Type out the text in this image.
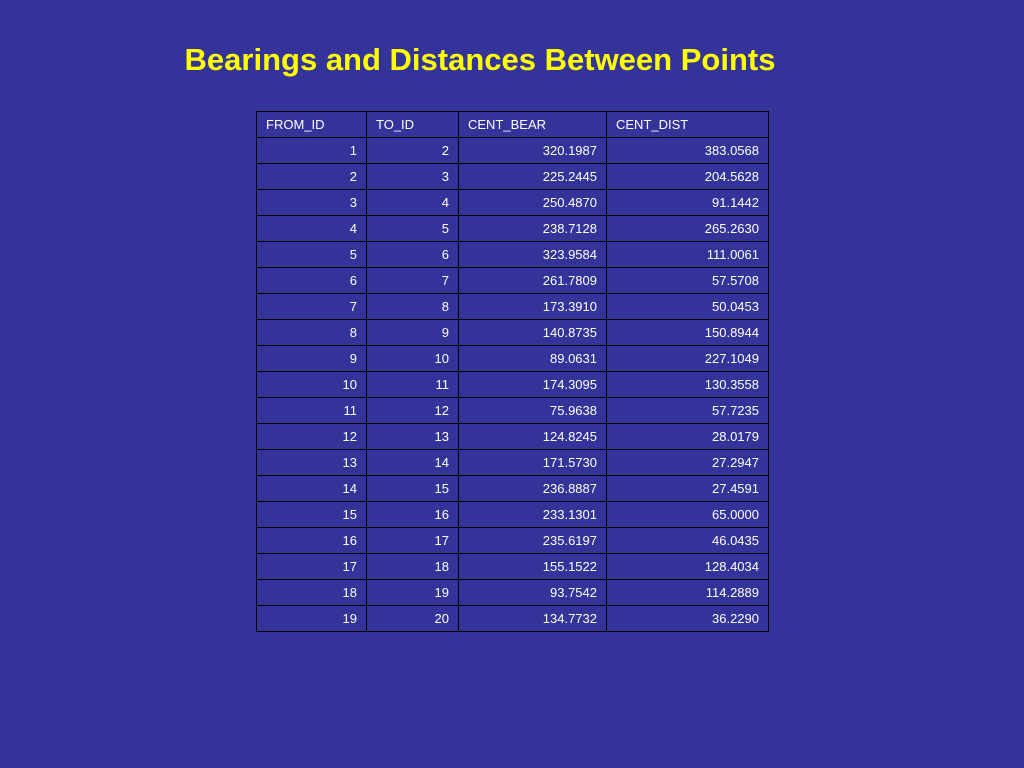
Bearings and Distances Between Points
FROM_ID	TO_ID	CENT_BEAR	CENT_DIST
1	2	320.1987	383.0568
2	3	225.2445	204.5628
3	4	250.4870	91.1442
4	5	238.7128	265.2630
5	6	323.9584	111.0061
6	7	261.7809	57.5708
7	8	173.3910	50.0453
8	9	140.8735	150.8944
9	10	89.0631	227.1049
10	11	174.3095	130.3558
11	12	75.9638	57.7235
12	13	124.8245	28.0179
13	14	171.5730	27.2947
14	15	236.8887	27.4591
15	16	233.1301	65.0000
16	17	235.6197	46.0435
17	18	155.1522	128.4034
18	19	93.7542	114.2889
19	20	134.7732	36.2290
